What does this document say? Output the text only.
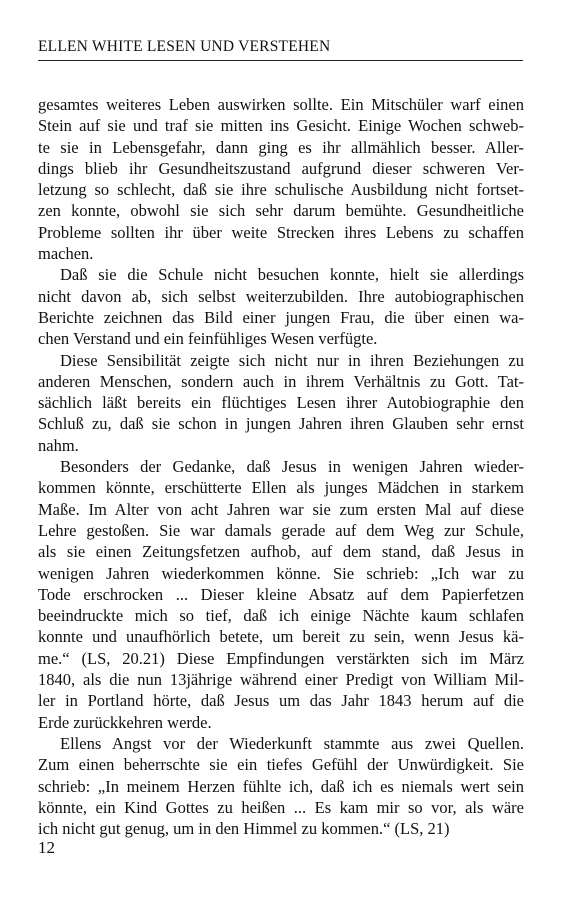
ELLEN WHITE LESEN UND VERSTEHEN
gesamtes weiteres Leben auswirken sollte. Ein Mitschüler warf einen
Stein auf sie und traf sie mitten ins Gesicht. Einige Wochen schweb-
te sie in Lebensgefahr, dann ging es ihr allmählich besser. Aller-
dings blieb ihr Gesundheitszustand aufgrund dieser schweren Ver-
letzung so schlecht, daß sie ihre schulische Ausbildung nicht fortset-
zen konnte, obwohl sie sich sehr darum bemühte. Gesundheitliche
Probleme sollten ihr über weite Strecken ihres Lebens zu schaffen
machen.
Daß sie die Schule nicht besuchen konnte, hielt sie allerdings
nicht davon ab, sich selbst weiterzubilden. Ihre autobiographischen
Berichte zeichnen das Bild einer jungen Frau, die über einen wa-
chen Verstand und ein feinfühliges Wesen verfügte.
Diese Sensibilität zeigte sich nicht nur in ihren Beziehungen zu
anderen Menschen, sondern auch in ihrem Verhältnis zu Gott. Tat-
sächlich läßt bereits ein flüchtiges Lesen ihrer Autobiographie den
Schluß zu, daß sie schon in jungen Jahren ihren Glauben sehr ernst
nahm.
Besonders der Gedanke, daß Jesus in wenigen Jahren wieder-
kommen könnte, erschütterte Ellen als junges Mädchen in starkem
Maße. Im Alter von acht Jahren war sie zum ersten Mal auf diese
Lehre gestoßen. Sie war damals gerade auf dem Weg zur Schule,
als sie einen Zeitungsfetzen aufhob, auf dem stand, daß Jesus in
wenigen Jahren wiederkommen könne. Sie schrieb: „Ich war zu
Tode erschrocken ... Dieser kleine Absatz auf dem Papierfetzen
beeindruckte mich so tief, daß ich einige Nächte kaum schlafen
konnte und unaufhörlich betete, um bereit zu sein, wenn Jesus kä-
me.“ (LS, 20.21) Diese Empfindungen verstärkten sich im März
1840, als die nun 13jährige während einer Predigt von William Mil-
ler in Portland hörte, daß Jesus um das Jahr 1843 herum auf die
Erde zurückkehren werde.
Ellens Angst vor der Wiederkunft stammte aus zwei Quellen.
Zum einen beherrschte sie ein tiefes Gefühl der Unwürdigkeit. Sie
schrieb: „In meinem Herzen fühlte ich, daß ich es niemals wert sein
könnte, ein Kind Gottes zu heißen ... Es kam mir so vor, als wäre
ich nicht gut genug, um in den Himmel zu kommen.“ (LS, 21)
12
